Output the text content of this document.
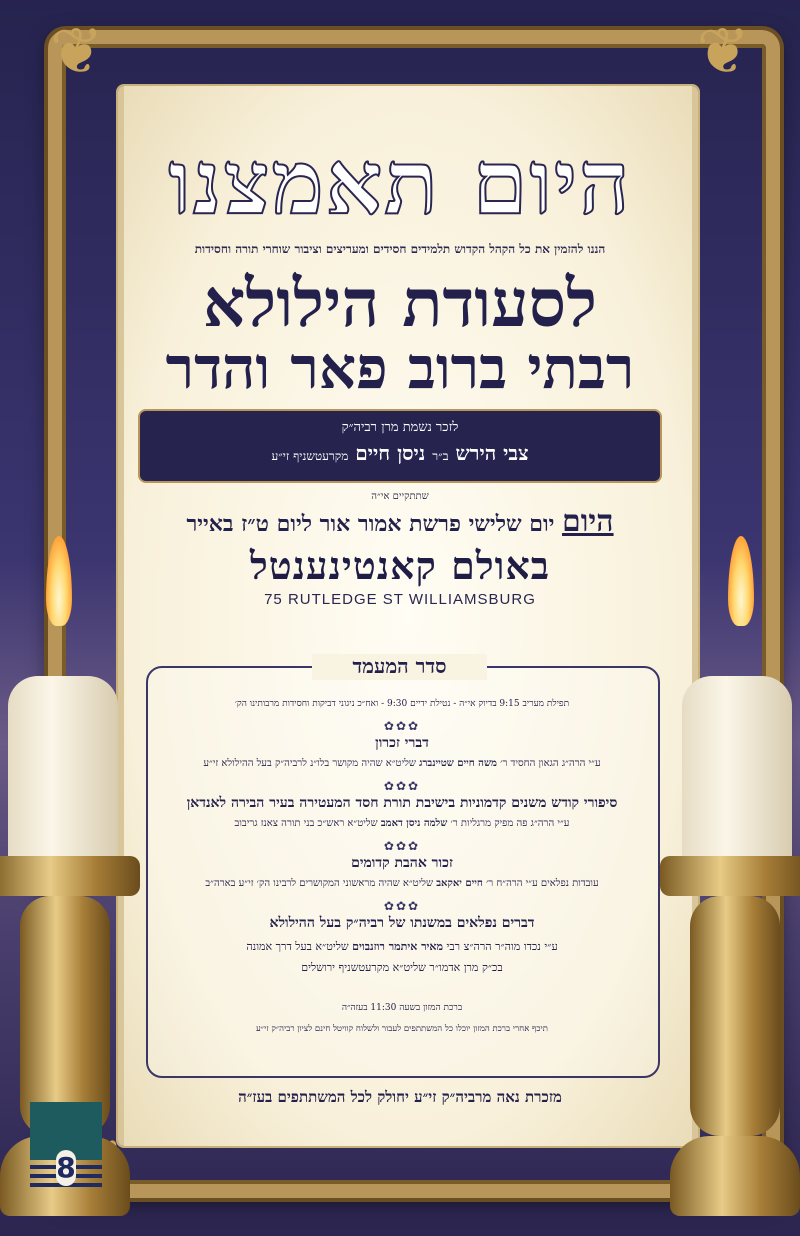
❦	❦
היום תאמצנו
הננו להזמין את כל הקהל הקדוש תלמידים חסידים ומעריצים וציבור שוחרי תורה וחסידות
לסעודת הילולא
רבתי ברוב פאר והדר
לזכר נשמת מרן רביה״ק
צבי הירש ב״ר ניסן חיים מקרעטשניף זי״ע
שתתקיים אי״ה
היום יום שלישי פרשת אמור אור ליום ט״ז באייר
באולם קאנטינענטל
75 RUTLEDGE ST WILLIAMSBURG
סדר המעמד
תפילת מעריב 9:15 בדיוק אי״ה - נטילת ידיים 9:30 - ואח״כ ניגוני דביקות וחסידות מרבותינו הק׳
✿✿✿
דברי זכרון
ע״י הרה״ג הגאון החסיד ר׳ משה חיים שטיינברג שליט״א שהיה מקושר בלו״נ לרביה״ק בעל ההילולא זי״ע
✿✿✿
סיפורי קודש משנים קדמוניות בישיבת תורת חסד המעטירה בעיר הבירה לאנדאן
ע״י הרה״ג פה מפיק מרגליות ר׳ שלמה ניסן דאמב שליט״א ראש״כ בני תורה צאנז גריבוב
✿✿✿
זכור אהבת קדומים
עובדות נפלאים ע״י הרה״ח ר׳ חיים יאקאב שליט״א שהיה מראשוני המקושרים לרבינו הק׳ זי״ע בארה״ב
✿✿✿
דברים נפלאים במשנתו של רביה״ק בעל ההילולא
ע״י נכדו מוה״ר הרה״צ רבי מאיר איתמר רוזנבוים שליט״א בעל דרך אמונה
בכ״ק מרן אדמו״ר שליט״א מקרעטשניף ירושלים
ברכת המזון בשעה 11:30 בעזה״ה
תיכף אחרי ברכת המזון יוכלו כל המשתתפים לעבור ולשלוח קוויטל חינם לציון רביה״ק זי״ע
מזכרת נאה מרביה״ק זי״ע יחולק לכל המשתתפים בעז״ה
8
